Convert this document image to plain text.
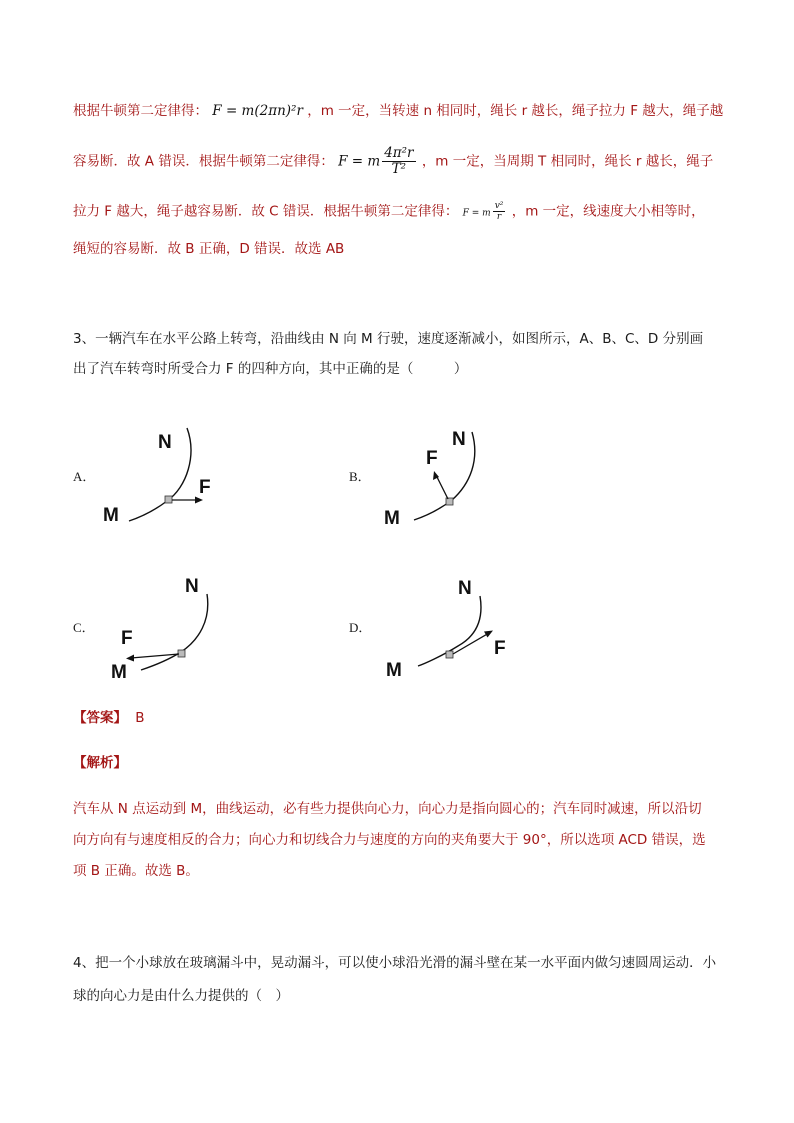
根据牛顿第二定律得： F = m(2πn)²r ，m 一定，当转速 n 相同时，绳长 r 越长，绳子拉力 F 越大，绳子越
容易断．故 A 错误．根据牛顿第二定律得： F = m $\frac{\text{4π²r}}{\text{T²}}$ ，m 一定，当周期 T 相同时，绳长 r 越长，绳子
拉力 F 越大，绳子越容易断．故 C 错误．根据牛顿第二定律得： F = m $\frac{\text{v²}}{r}$ ，m 一定，线速度大小相等时，
绳短的容易断．故 B 正确，D 错误．故选 AB
3、一辆汽车在水平公路上转弯，沿曲线由 N 向 M 行驶，速度逐渐减小，如图所示，A、B、C、D 分别画
出了汽车转弯时所受合力 F 的四种方向，其中正确的是（　　　）
A．
N
F
M
B．
N
F
M
C．
N
F
M
D．
N
F
M
【答案】 B
【解析】
汽车从 N 点运动到 M，曲线运动，必有些力提供向心力，向心力是指向圆心的；汽车同时减速，所以沿切
向方向有与速度相反的合力；向心力和切线合力与速度的方向的夹角要大于 90°，所以选项 ACD 错误，选
项 B 正确。故选 B。
4、把一个小球放在玻璃漏斗中，晃动漏斗，可以使小球沿光滑的漏斗壁在某一水平面内做匀速圆周运动．小
球的向心力是由什么力提供的（　）
